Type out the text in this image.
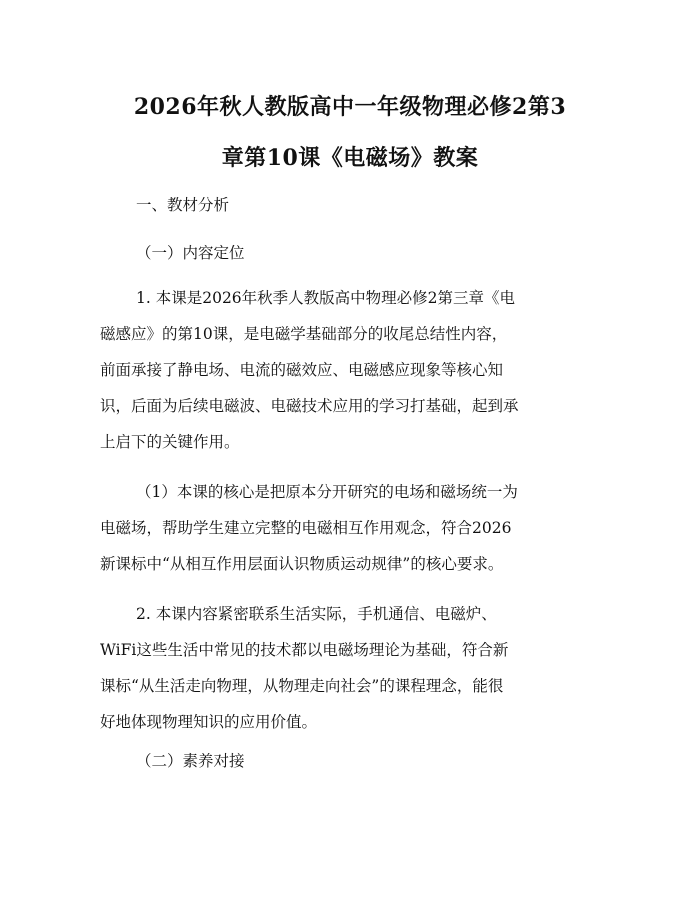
2026年秋人教版高中一年级物理必修2第3
章第10课《电磁场》教案
一、教材分析
（一）内容定位
1. 本课是2026年秋季人教版高中物理必修2第三章《电
磁感应》的第10课，是电磁学基础部分的收尾总结性内容，
前面承接了静电场、电流的磁效应、电磁感应现象等核心知
识，后面为后续电磁波、电磁技术应用的学习打基础，起到承
上启下的关键作用。
（1）本课的核心是把原本分开研究的电场和磁场统一为
电磁场，帮助学生建立完整的电磁相互作用观念，符合2026
新课标中“从相互作用层面认识物质运动规律”的核心要求。
2. 本课内容紧密联系生活实际，手机通信、电磁炉、
WiFi这些生活中常见的技术都以电磁场理论为基础，符合新
课标“从生活走向物理，从物理走向社会”的课程理念，能很
好地体现物理知识的应用价值。
（二）素养对接
